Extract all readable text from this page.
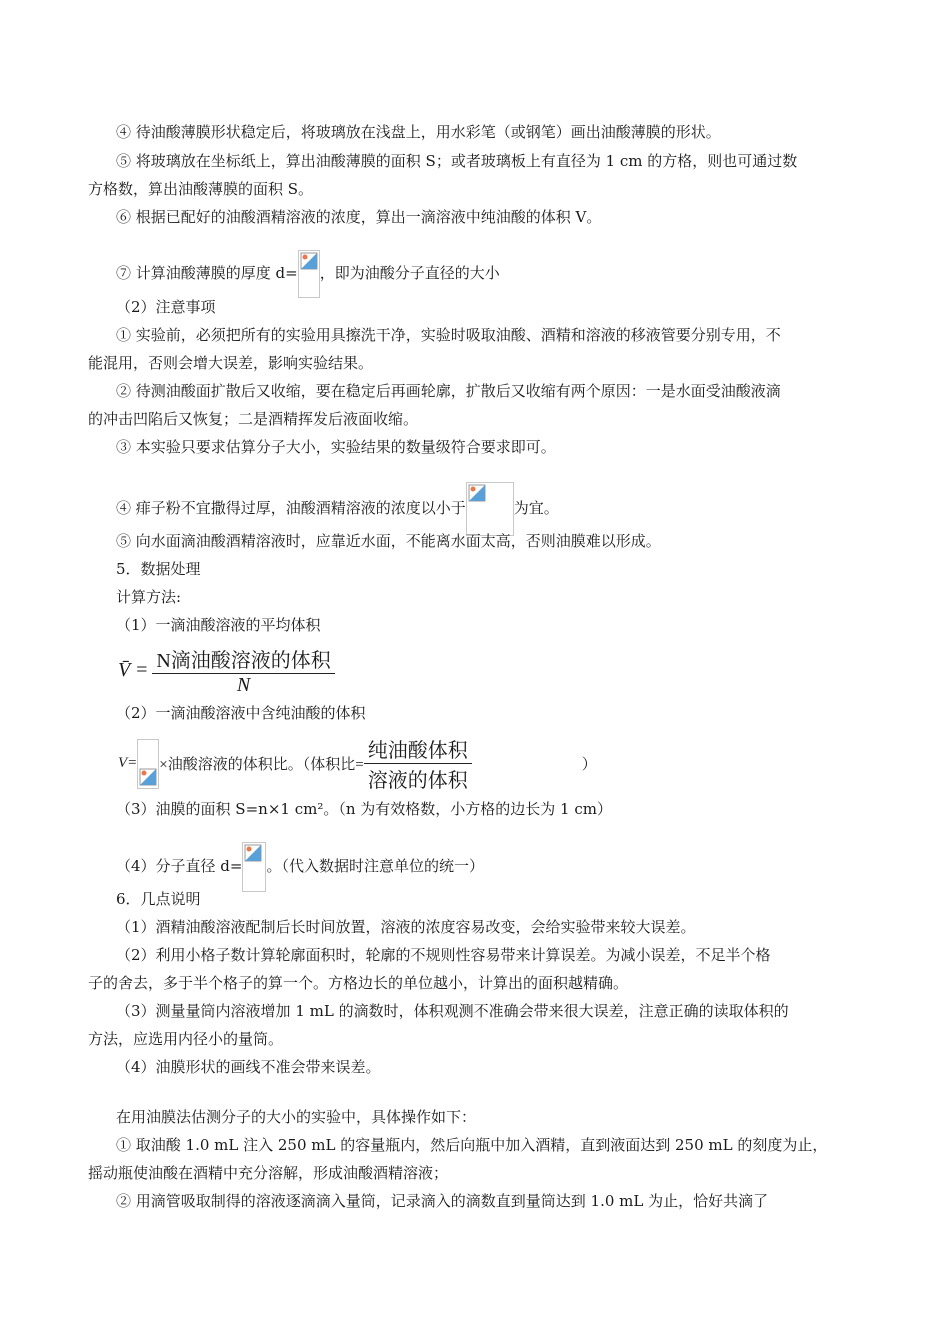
④ 待油酸薄膜形状稳定后，将玻璃放在浅盘上，用水彩笔（或钢笔）画出油酸薄膜的形状。
⑤ 将玻璃放在坐标纸上，算出油酸薄膜的面积 S；或者玻璃板上有直径为 1 cm 的方格，则也可通过数
方格数，算出油酸薄膜的面积 S。
⑥ 根据已配好的油酸酒精溶液的浓度，算出一滴溶液中纯油酸的体积 V。
⑦ 计算油酸薄膜的厚度 d= ，即为油酸分子直径的大小
（2）注意事项
① 实验前，必须把所有的实验用具擦洗干净，实验时吸取油酸、酒精和溶液的移液管要分别专用，不
能混用，否则会增大误差，影响实验结果。
② 待测油酸面扩散后又收缩，要在稳定后再画轮廓，扩散后又收缩有两个原因：一是水面受油酸液滴
的冲击凹陷后又恢复；二是酒精挥发后液面收缩。
③ 本实验只要求估算分子大小，实验结果的数量级符合要求即可。
④ 痱子粉不宜撒得过厚，油酸酒精溶液的浓度以小于	为宜。
⑤ 向水面滴油酸酒精溶液时，应靠近水面，不能离水面太高，否则油膜难以形成。
5．数据处理
计算方法:
（1）一滴油酸溶液的平均体积
V̄ = $\frac{\text{N滴油酸溶液的体积}}{N}$
（2）一滴油酸溶液中含纯油酸的体积
V= ×油酸溶液的体积比。（体积比= $\frac{\text{纯油酸体积}}{\text{溶液的体积}}$	）
（3）油膜的面积 S=n×1 cm²。（n 为有效格数，小方格的边长为 1 cm）
（4）分子直径 d= 。（代入数据时注意单位的统一）
6．几点说明
（1）酒精油酸溶液配制后长时间放置，溶液的浓度容易改变，会给实验带来较大误差。
（2）利用小格子数计算轮廓面积时，轮廓的不规则性容易带来计算误差。为减小误差，不足半个格
子的舍去，多于半个格子的算一个。方格边长的单位越小，计算出的面积越精确。
（3）测量量筒内溶液增加 1 mL 的滴数时，体积观测不准确会带来很大误差，注意正确的读取体积的
方法，应选用内径小的量筒。
（4）油膜形状的画线不准会带来误差。
在用油膜法估测分子的大小的实验中，具体操作如下：
① 取油酸 1.0 mL 注入 250 mL 的容量瓶内，然后向瓶中加入酒精，直到液面达到 250 mL 的刻度为止，
摇动瓶使油酸在酒精中充分溶解，形成油酸酒精溶液；
② 用滴管吸取制得的溶液逐滴滴入量筒，记录滴入的滴数直到量筒达到 1.0 mL 为止，恰好共滴了
